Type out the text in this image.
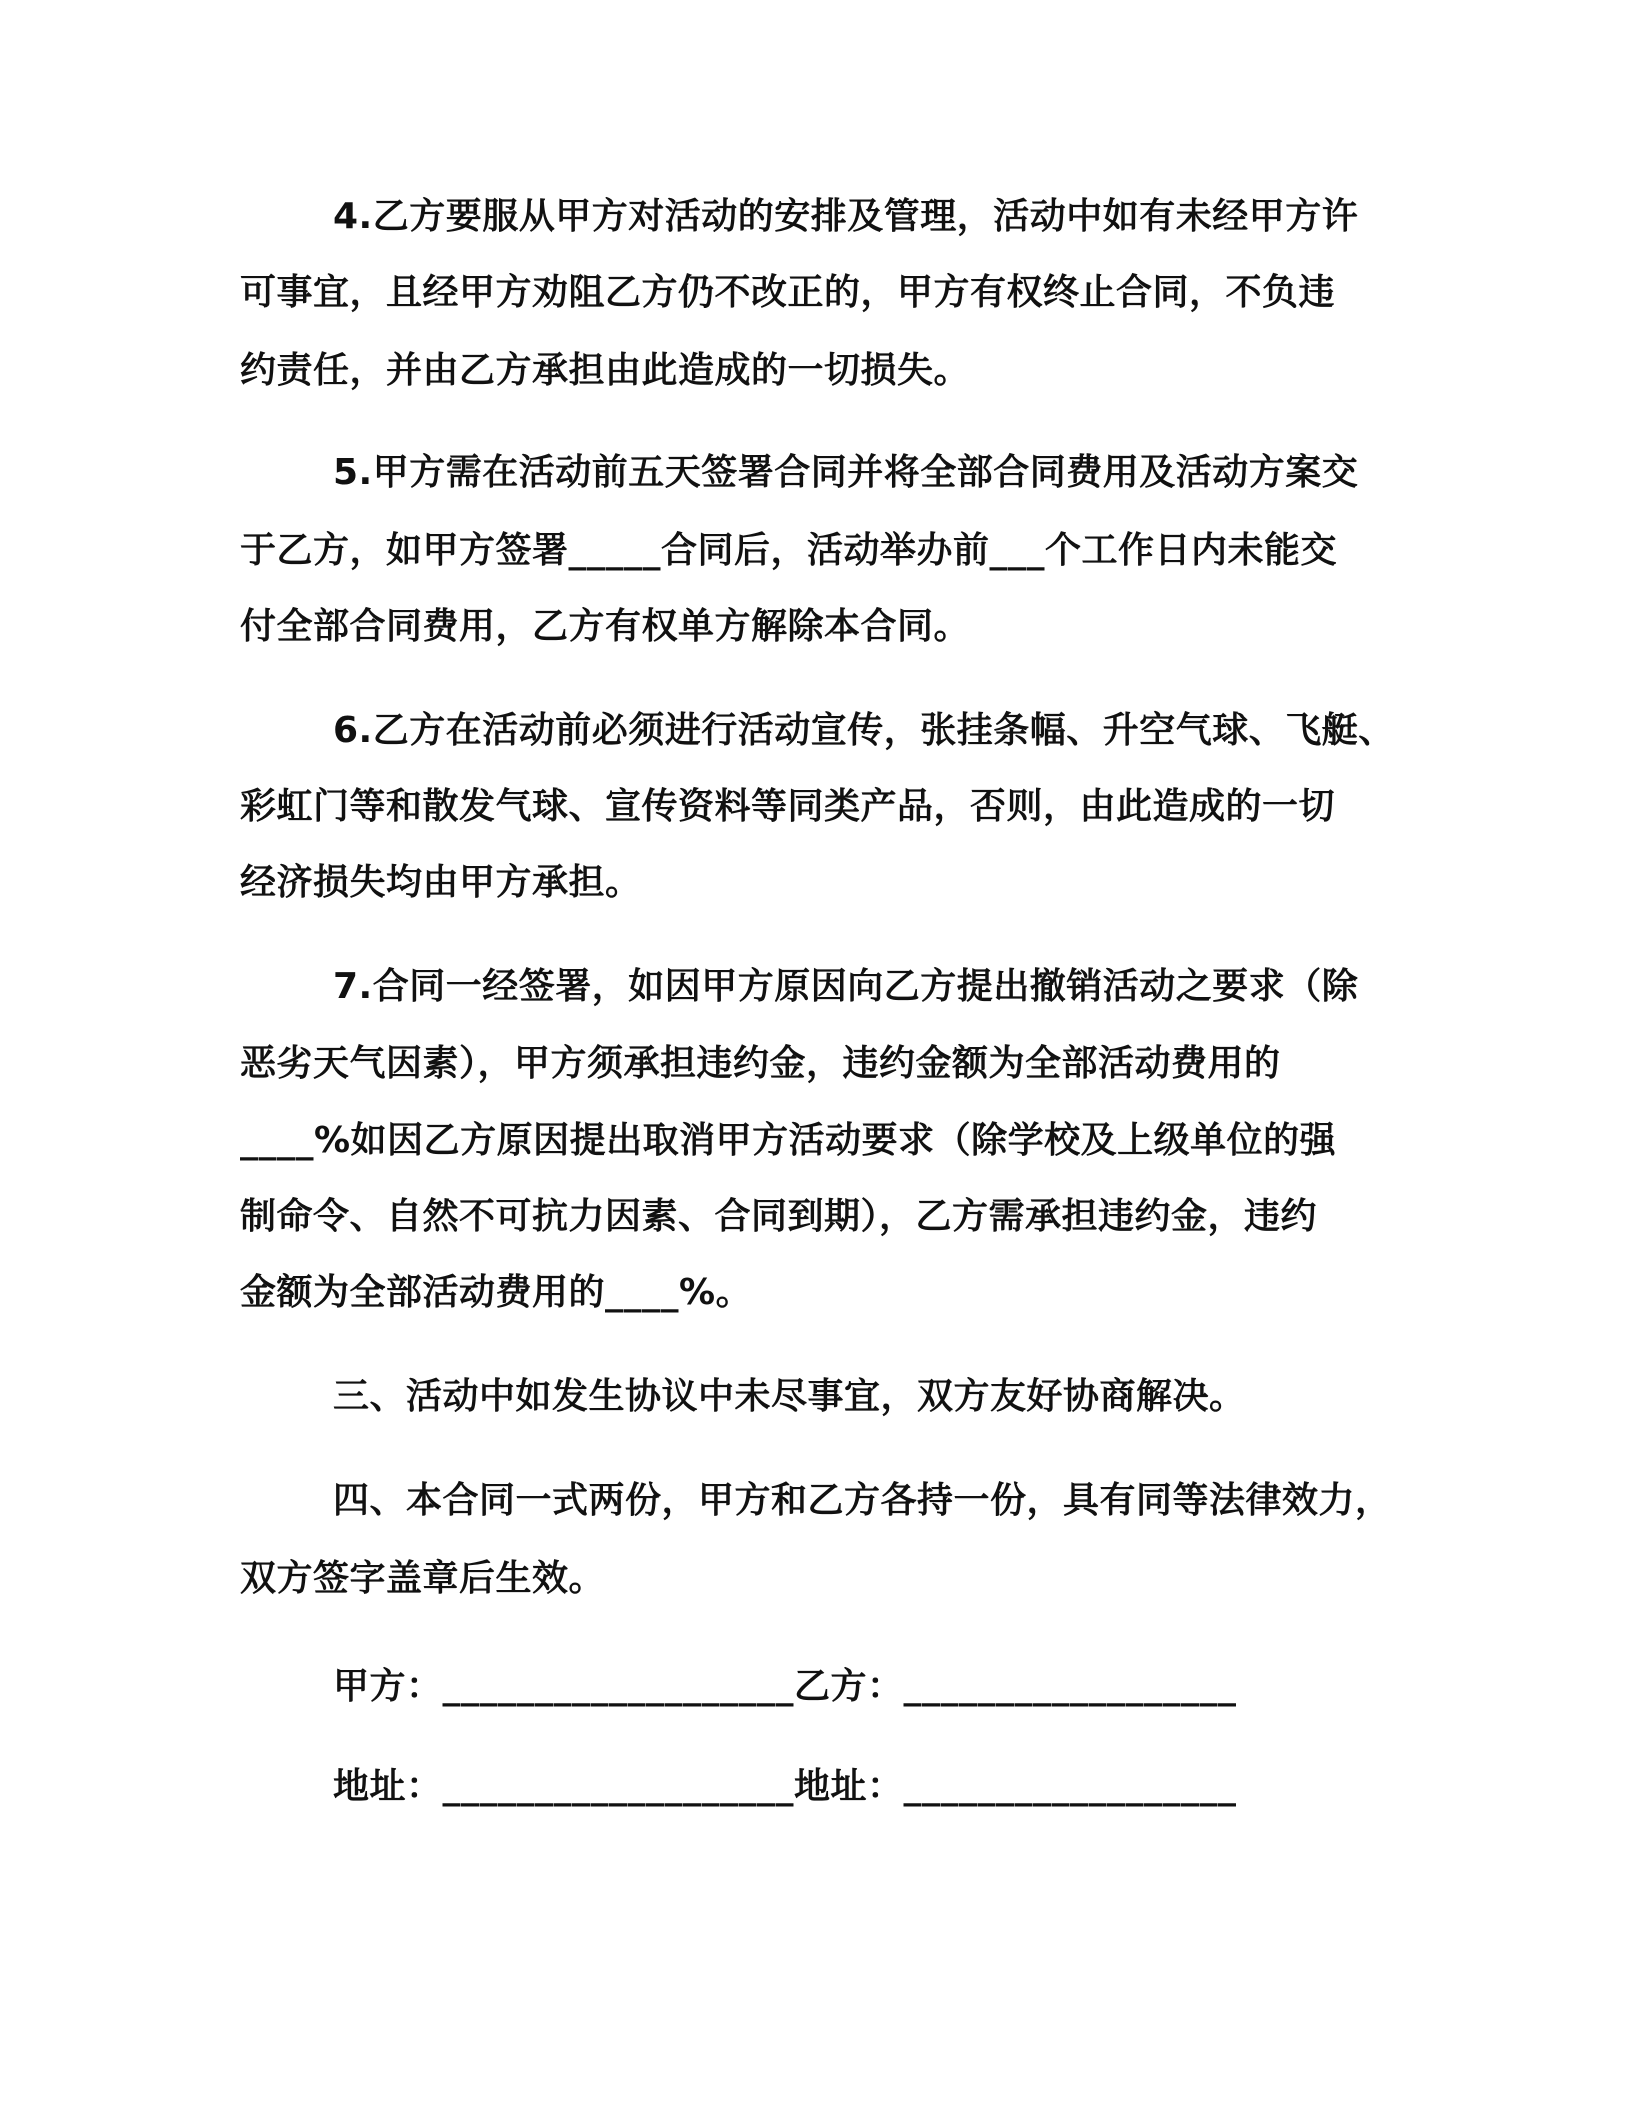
4.乙方要服从甲方对活动的安排及管理，活动中如有未经甲方许
可事宜，且经甲方劝阻乙方仍不改正的，甲方有权终止合同，不负违
约责任，并由乙方承担由此造成的一切损失。
5.甲方需在活动前五天签署合同并将全部合同费用及活动方案交
于乙方，如甲方签署_____合同后，活动举办前___个工作日内未能交
付全部合同费用，乙方有权单方解除本合同。
6.乙方在活动前必须进行活动宣传，张挂条幅、升空气球、飞艇、
彩虹门等和散发气球、宣传资料等同类产品，否则，由此造成的一切
经济损失均由甲方承担。
7.合同一经签署，如因甲方原因向乙方提出撤销活动之要求（除
恶劣天气因素），甲方须承担违约金，违约金额为全部活动费用的
____%如因乙方原因提出取消甲方活动要求（除学校及上级单位的强
制命令、自然不可抗力因素、合同到期），乙方需承担违约金，违约
金额为全部活动费用的____%。
三、活动中如发生协议中未尽事宜，双方友好协商解决。
四、本合同一式两份，甲方和乙方各持一份，具有同等法律效力，
双方签字盖章后生效。
甲方：___________________乙方：__________________
地址：___________________地址：__________________
